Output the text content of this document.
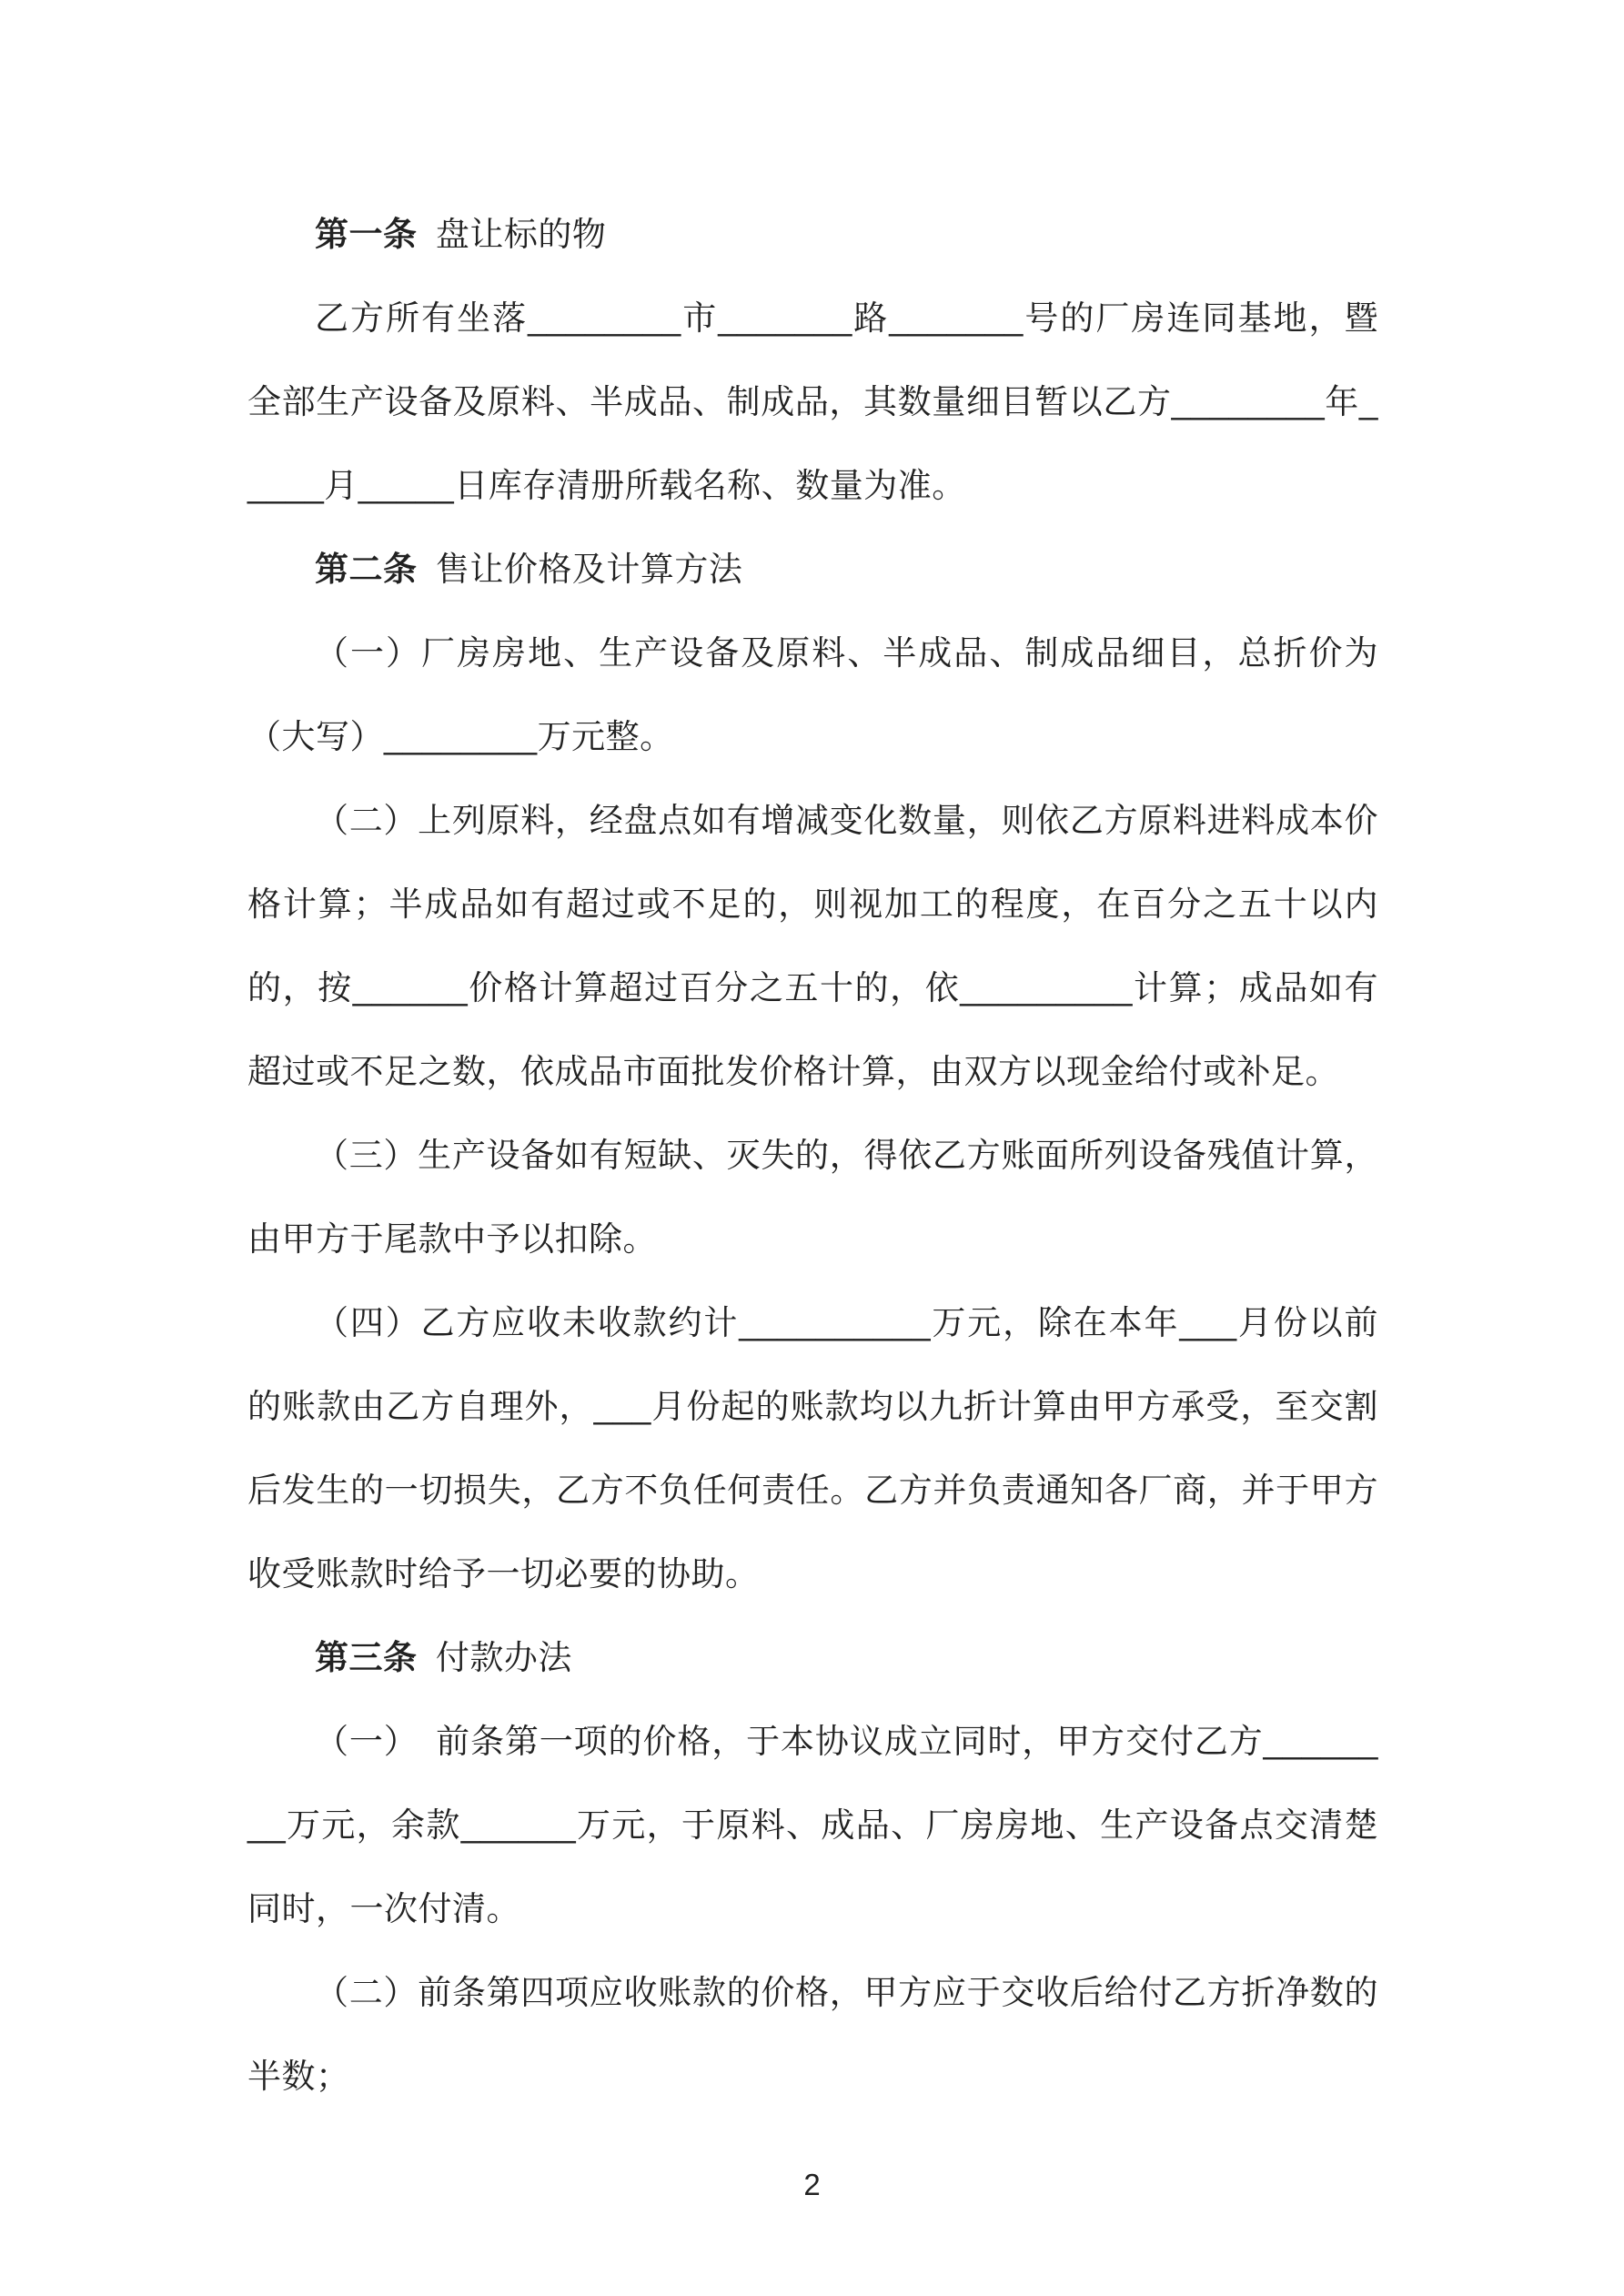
第一条 盘让标的物

乙方所有坐落________市_______路_______号的厂房连同基地，暨全部生产设备及原料、半成品、制成品，其数量细目暂以乙方________年_____月_____日库存清册所载名称、数量为准。

第二条 售让价格及计算方法

（一）厂房房地、生产设备及原料、半成品、制成品细目，总折价为（大写）________万元整。

（二）上列原料，经盘点如有增减变化数量，则依乙方原料进料成本价格计算；半成品如有超过或不足的，则视加工的程度，在百分之五十以内的，按______价格计算超过百分之五十的，依_________计算；成品如有超过或不足之数，依成品市面批发价格计算，由双方以现金给付或补足。

（三）生产设备如有短缺、灭失的，得依乙方账面所列设备残值计算，由甲方于尾款中予以扣除。

（四）乙方应收未收款约计__________万元，除在本年___月份以前的账款由乙方自理外，___月份起的账款均以九折计算由甲方承受，至交割后发生的一切损失，乙方不负任何责任。乙方并负责通知各厂商，并于甲方收受账款时给予一切必要的协助。

第三条 付款办法

（一）　前条第一项的价格，于本协议成立同时，甲方交付乙方________万元，余款______万元，于原料、成品、厂房房地、生产设备点交清楚同时，一次付清。

（二）前条第四项应收账款的价格，甲方应于交收后给付乙方折净数的半数；

2
